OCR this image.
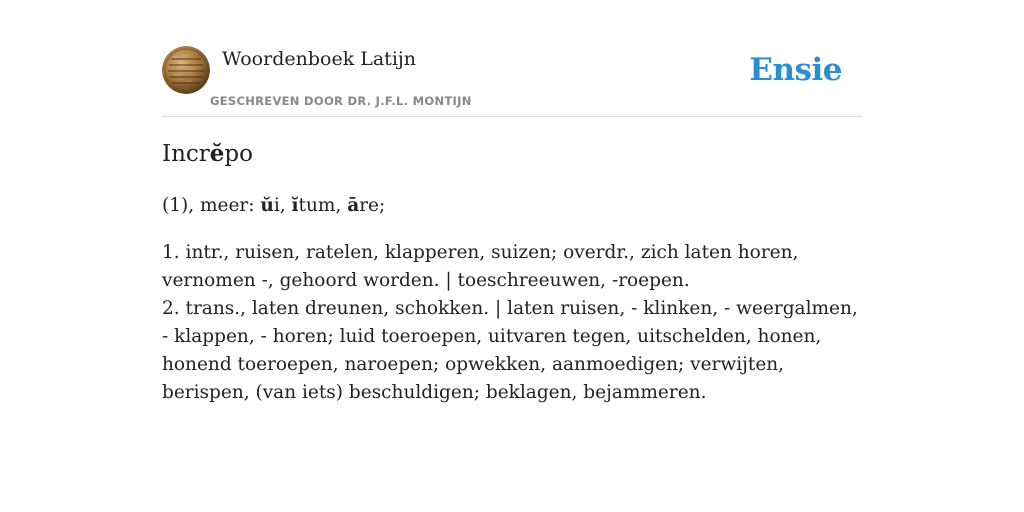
Woordenboek Latijn
GESCHREVEN DOOR DR. J.F.L. MONTIJN
Ensie
Incrĕpo

(1), meer: ŭi, ĭtum, āre;

1. intr., ruisen, ratelen, klapperen, suizen; overdr., zich laten horen, vernomen -, gehoord worden. | toeschreeuwen, -roepen.
2. trans., laten dreunen, schokken. | laten ruisen, - klinken, - weergalmen, - klappen, - horen; luid toeroepen, uitvaren tegen, uitschelden, honen, honend toeroepen, naroepen; opwekken, aanmoedigen; verwijten, berispen, (van iets) beschuldigen; beklagen, bejammeren.
